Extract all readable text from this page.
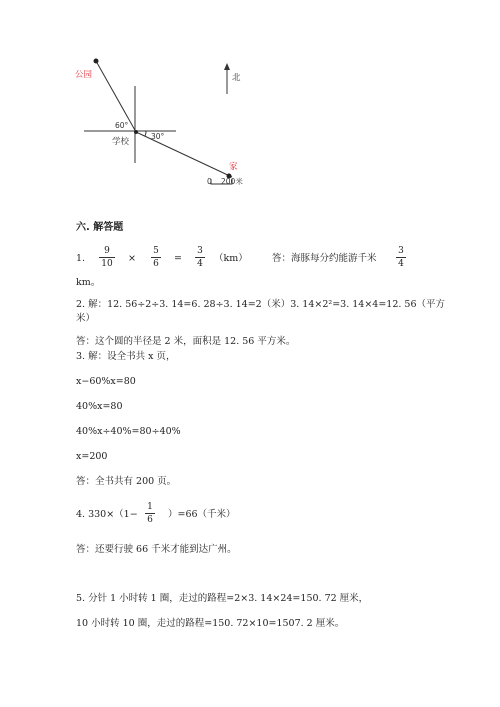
公园
60°
30°
学校
家
北
0 200米
六. 解答题
1.
9
10 ×
5
6 =
3
4 （km）	答：海豚每分约能游千米
3
4
km。
2. 解：12. 56÷2÷3. 14=6. 28÷3. 14=2（米）3. 14×2²=3. 14×4=12. 56（平方
米）
答：这个圆的半径是 2 米，面积是 12. 56 平方米。
3. 解：设全书共 x 页，
x−60%x=80
40%x=80
40%x÷40%=80÷40%
x=200
答：全书共有 200 页。
4. 330×（1−
1
6 ）=66（千米）
答：还要行驶 66 千米才能到达广州。
5. 分针 1 小时转 1 圈，走过的路程=2×3. 14×24=150. 72 厘米，
10 小时转 10 圈，走过的路程=150. 72×10=1507. 2 厘米。
